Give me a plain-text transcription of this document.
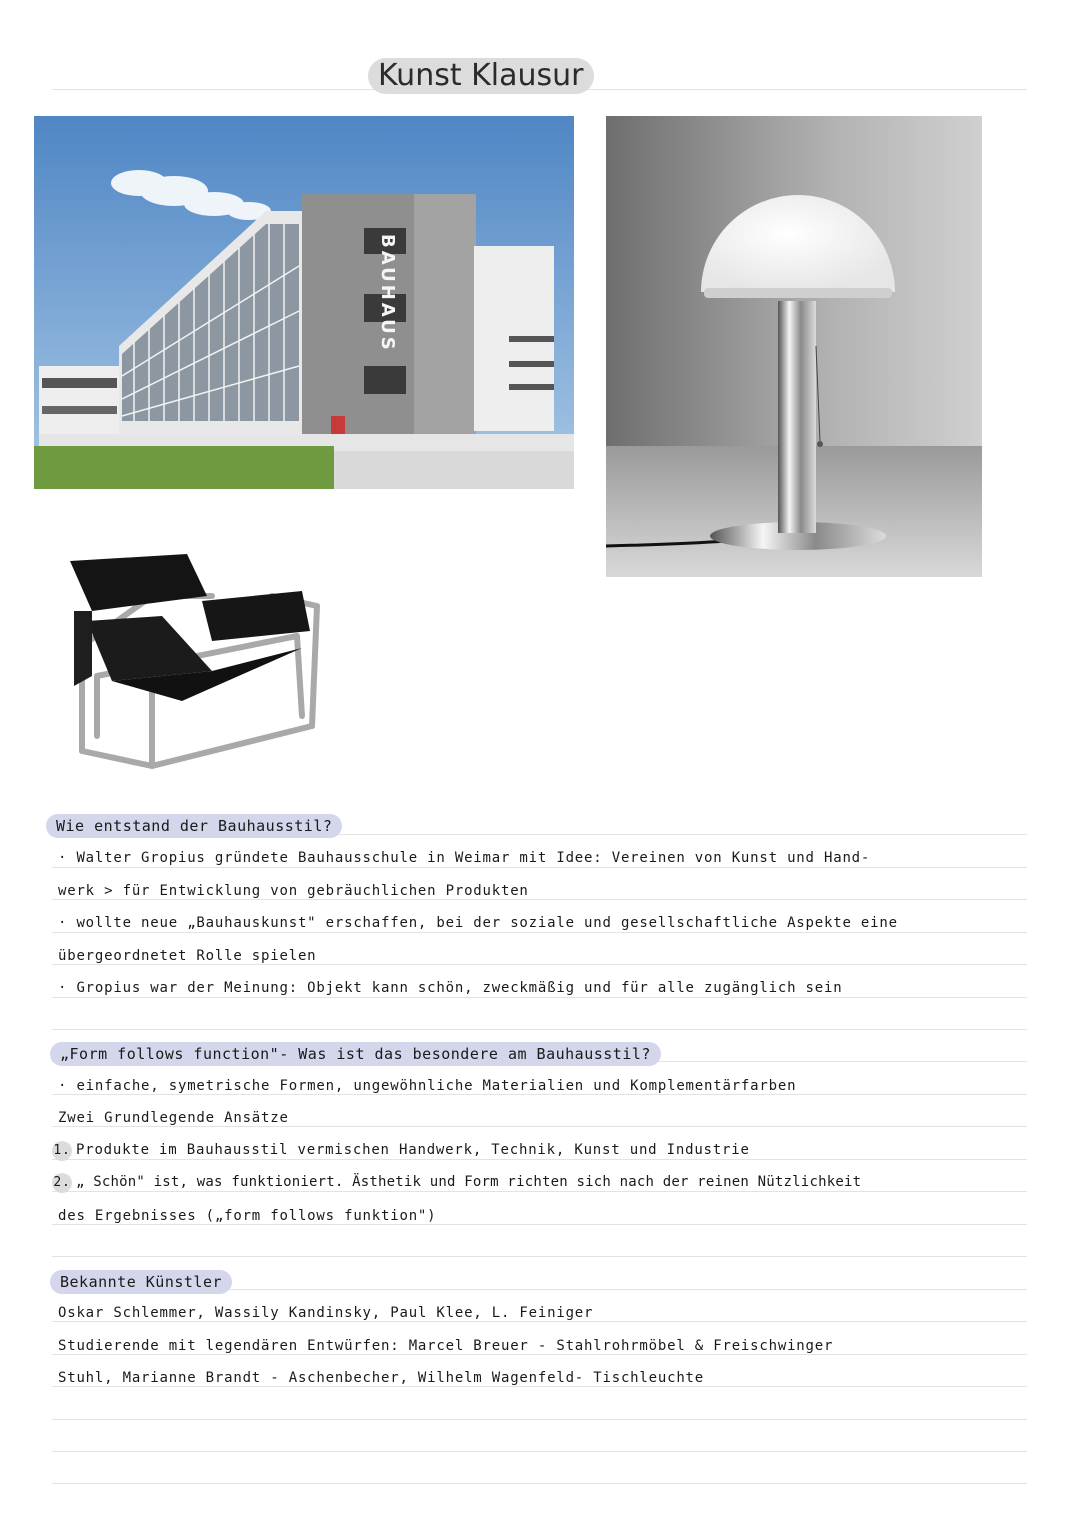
Kunst Klausur
BAUHAUS
Wie entstand der Bauhausstil?
· Walter Gropius gründete Bauhausschule in Weimar mit Idee: Vereinen von Kunst und Hand-
werk > für Entwicklung von gebräuchlichen Produkten
· wollte neue „Bauhauskunst" erschaffen, bei der soziale und gesellschaftliche Aspekte eine
übergeordnetet Rolle spielen
· Gropius war der Meinung: Objekt kann schön, zweckmäßig und für alle zugänglich sein
„Form follows function"- Was ist das besondere am Bauhausstil?
· einfache, symetrische Formen, ungewöhnliche Materialien und Komplementärfarben
Zwei Grundlegende Ansätze
1. Produkte im Bauhausstil vermischen Handwerk, Technik, Kunst und Industrie
2. „ Schön" ist, was funktioniert. Ästhetik und Form richten sich nach der reinen Nützlichkeit
des Ergebnisses („form follows funktion")
Bekannte Künstler
Oskar Schlemmer, Wassily Kandinsky, Paul Klee, L. Feiniger
Studierende mit legendären Entwürfen: Marcel Breuer - Stahlrohrmöbel & Freischwinger
Stuhl, Marianne Brandt - Aschenbecher, Wilhelm Wagenfeld- Tischleuchte
